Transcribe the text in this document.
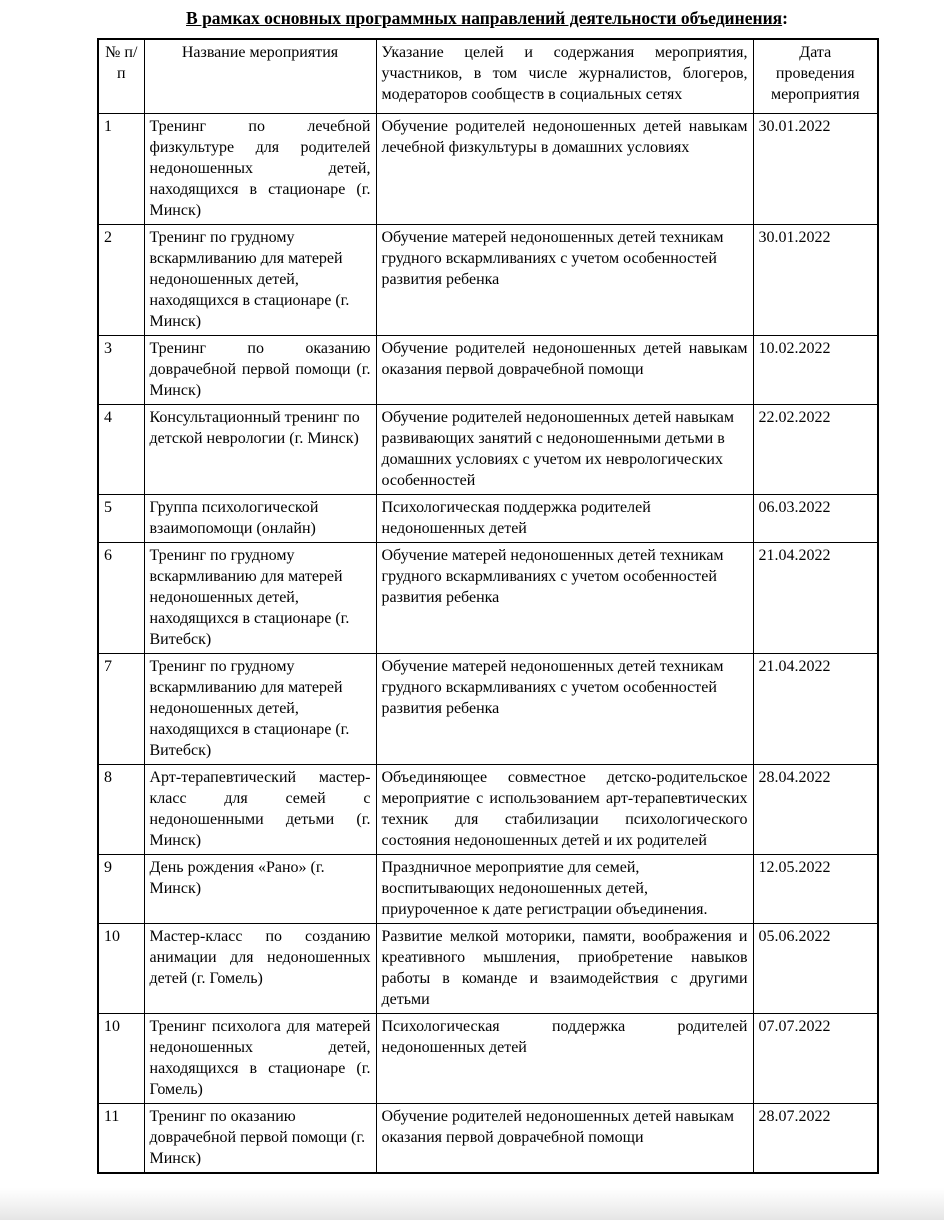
В рамках основных программных направлений деятельности объединения:
№ п/п	Название мероприятия	Указание целей и содержания мероприятия, участников, в том числе журналистов, блогеров, модераторов сообществ в социальных сетях	Дата проведения мероприятия
1	Тренинг по лечебной физкультуре для родителей недоношенных детей, находящихся в стационаре (г. Минск)	Обучение родителей недоношенных детей навыкам лечебной физкультуры в домашних условиях	30.01.2022
2	Тренинг по грудному вскармливанию для матерей недоношенных детей, находящихся в стационаре (г. Минск)	Обучение матерей недоношенных детей техникам грудного вскармливаниях с учетом особенностей развития ребенка	30.01.2022
3	Тренинг по оказанию доврачебной первой помощи (г. Минск)	Обучение родителей недоношенных детей навыкам оказания первой доврачебной помощи	10.02.2022
4	Консультационный тренинг по детской неврологии (г. Минск)	Обучение родителей недоношенных детей навыкам развивающих занятий с недоношенными детьми в домашних условиях с учетом их неврологических особенностей	22.02.2022
5	Группа психологической взаимопомощи (онлайн)	Психологическая поддержка родителей недоношенных детей	06.03.2022
6	Тренинг по грудному вскармливанию для матерей недоношенных детей, находящихся в стационаре (г. Витебск)	Обучение матерей недоношенных детей техникам грудного вскармливаниях с учетом особенностей развития ребенка	21.04.2022
7	Тренинг по грудному вскармливанию для матерей недоношенных детей, находящихся в стационаре (г. Витебск)	Обучение матерей недоношенных детей техникам грудного вскармливаниях с учетом особенностей развития ребенка	21.04.2022
8	Арт-терапевтический мастер-класс для семей с недоношенными детьми (г. Минск)	Объединяющее совместное детско-родительское мероприятие с использованием арт-терапевтических техник для стабилизации психологического состояния недоношенных детей и их родителей	28.04.2022
9	День рождения «Рано» (г. Минск)	Праздничное мероприятие для семей, воспитывающих недоношенных детей, приуроченное к дате регистрации объединения.	12.05.2022
10	Мастер-класс по созданию анимации для недоношенных детей (г. Гомель)	Развитие мелкой моторики, памяти, воображения и креативного мышления, приобретение навыков работы в команде и взаимодействия с другими детьми	05.06.2022
10	Тренинг психолога для матерей недоношенных детей, находящихся в стационаре (г. Гомель)	Психологическая поддержка родителей недоношенных детей	07.07.2022
11	Тренинг по оказанию доврачебной первой помощи (г. Минск)	Обучение родителей недоношенных детей навыкам оказания первой доврачебной помощи	28.07.2022
